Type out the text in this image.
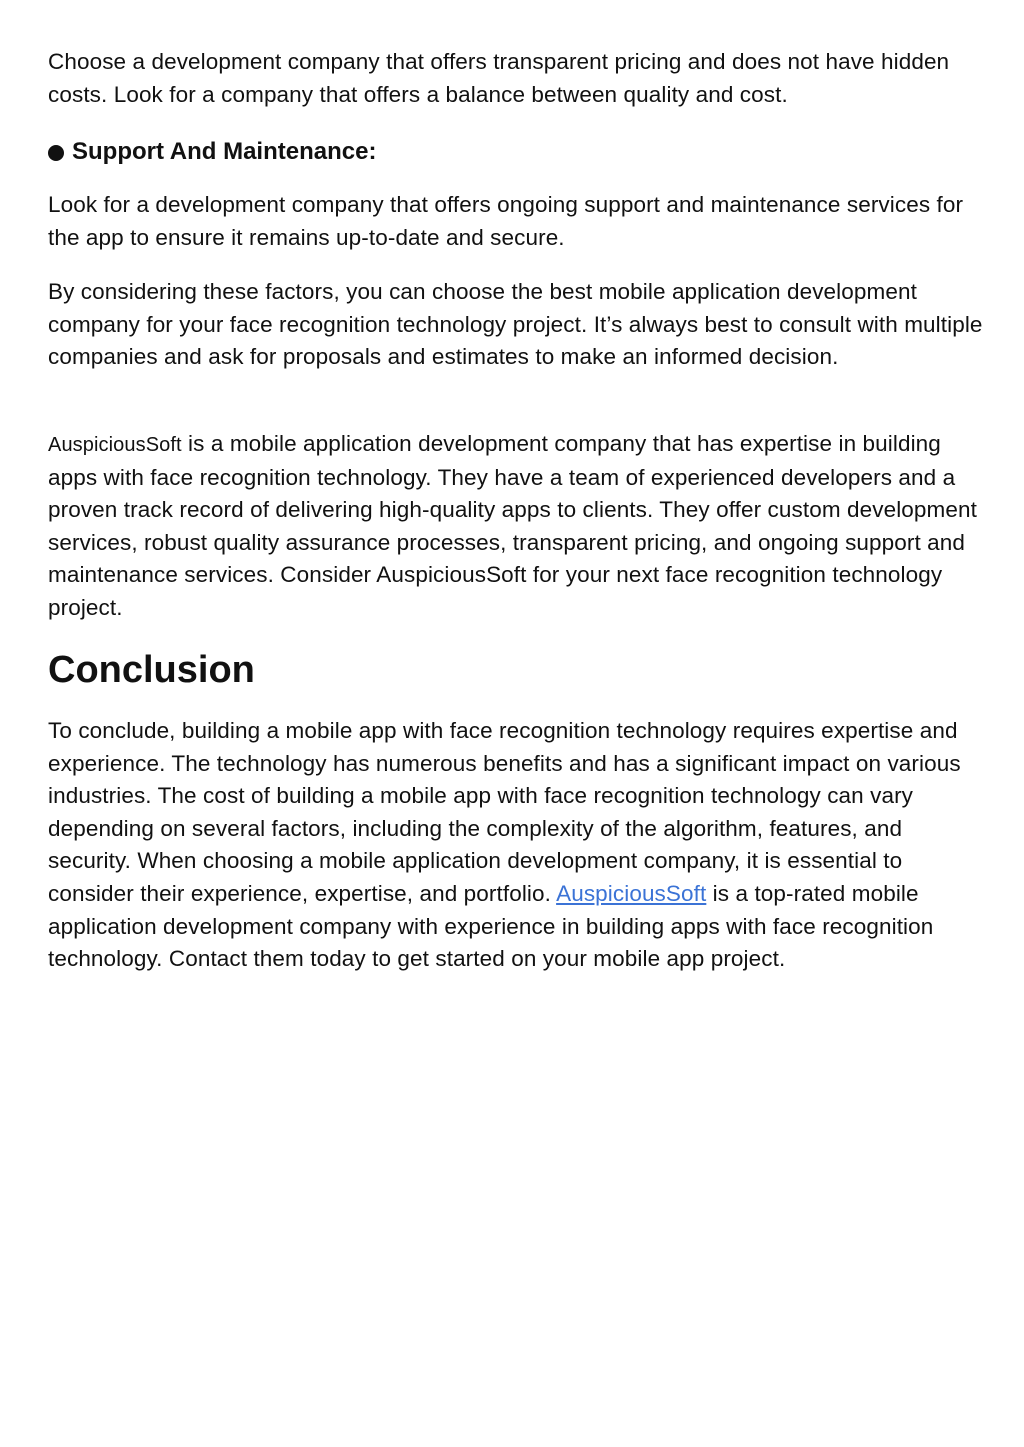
Choose a development company that offers transparent pricing and does not have hidden costs. Look for a company that offers a balance between quality and cost.

Support And Maintenance:

Look for a development company that offers ongoing support and maintenance services for the app to ensure it remains up-to-date and secure.

By considering these factors, you can choose the best mobile application development company for your face recognition technology project. It’s always best to consult with multiple companies and ask for proposals and estimates to make an informed decision.

AuspiciousSoft is a mobile application development company that has expertise in building apps with face recognition technology. They have a team of experienced developers and a proven track record of delivering high-quality apps to clients. They offer custom development services, robust quality assurance processes, transparent pricing, and ongoing support and maintenance services. Consider AuspiciousSoft for your next face recognition technology project.

Conclusion

To conclude, building a mobile app with face recognition technology requires expertise and experience. The technology has numerous benefits and has a significant impact on various industries. The cost of building a mobile app with face recognition technology can vary depending on several factors, including the complexity of the algorithm, features, and security. When choosing a mobile application development company, it is essential to consider their experience, expertise, and portfolio. AuspiciousSoft is a top-rated mobile application development company with experience in building apps with face recognition technology. Contact them today to get started on your mobile app project.
